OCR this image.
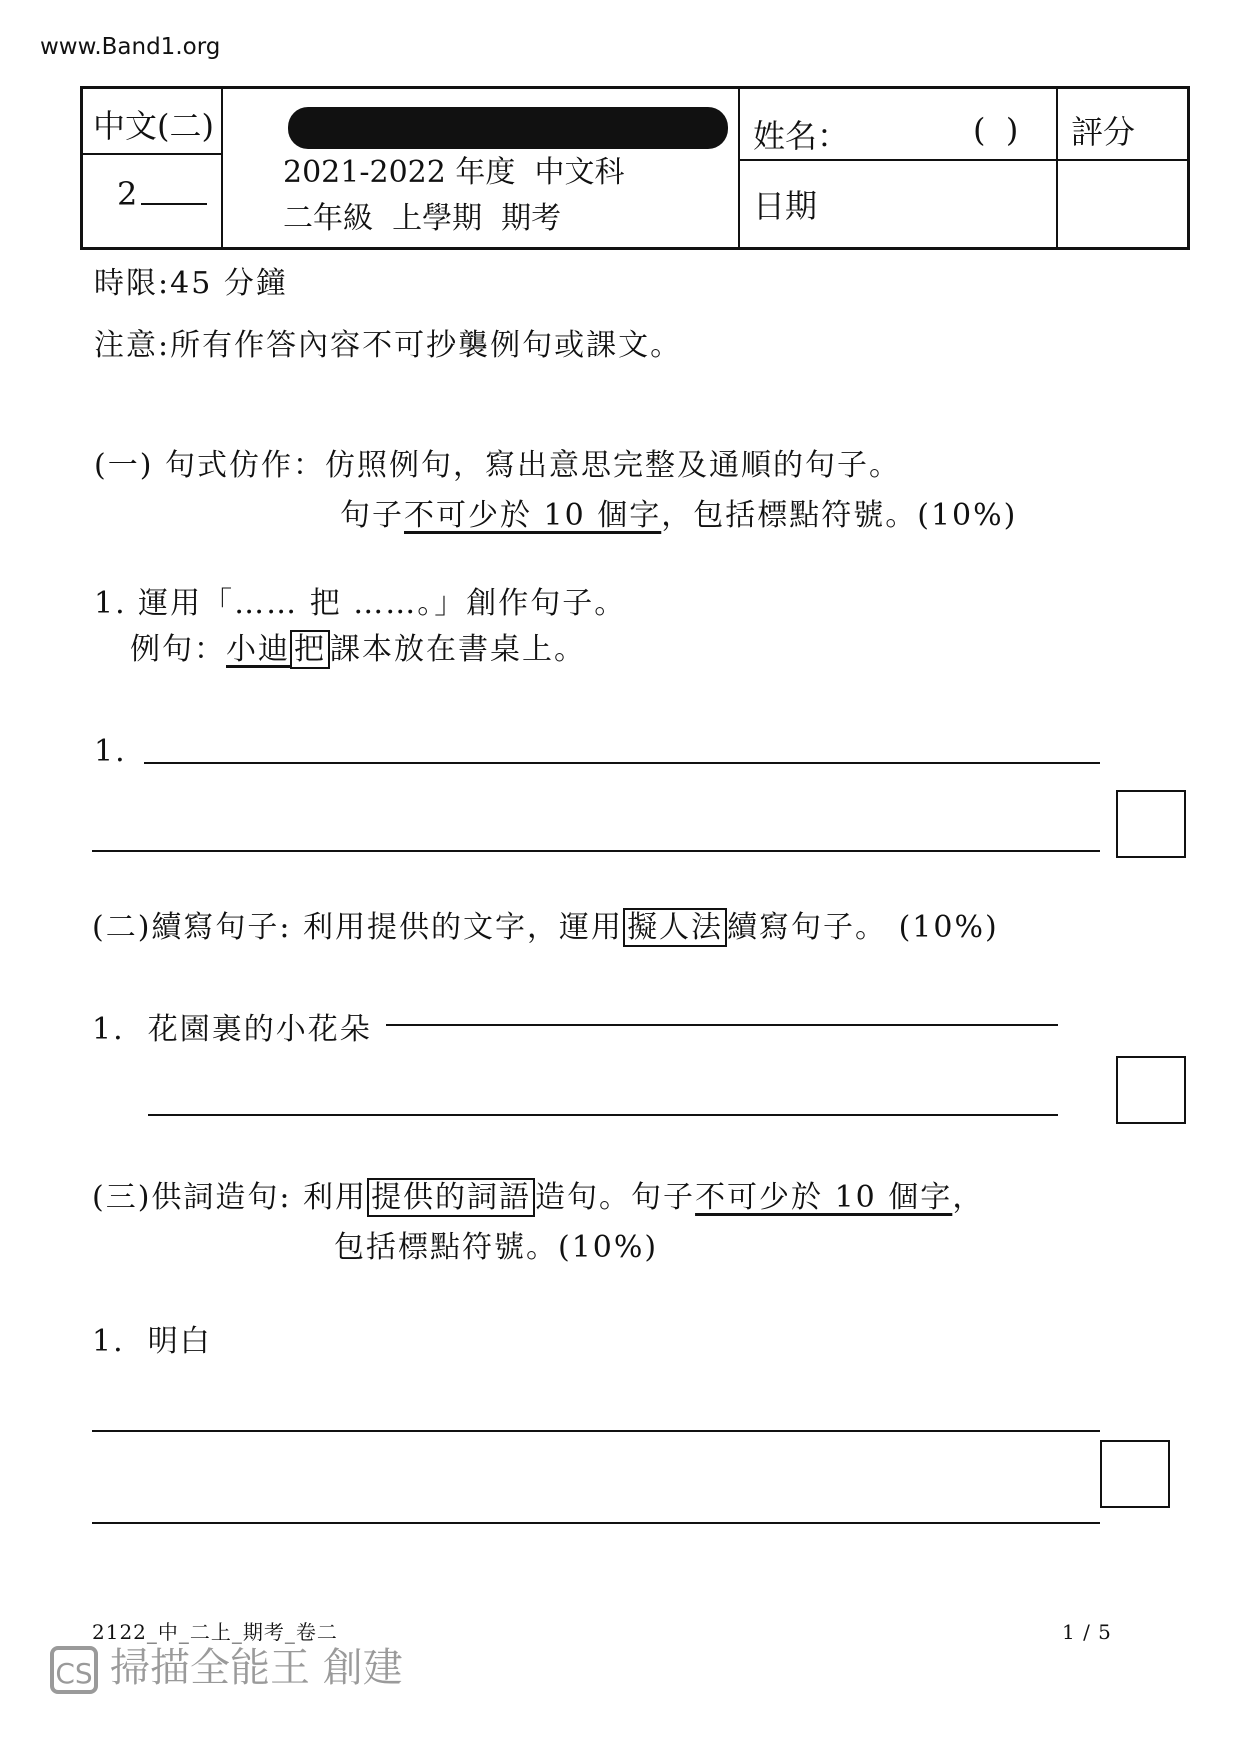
www.Band1.org
中文(二)
2
2021-2022 年度  中文科
二年級  上學期  期考
姓名：	(  )
日期
評分
時限:45 分鐘
注意:所有作答內容不可抄襲例句或課文。
(一) 句式仿作：仿照例句，寫出意思完整及通順的句子。
句子不可少於 10 個字，包括標點符號。(10%)
1. 運用「…… 把 ……。」創作句子。
例句：小迪 把 課本放在書桌上。
1.
(二)續寫句子: 利用提供的文字，運用 擬人法 續寫句子。 (10%)
1.  花園裏的小花朵
(三)供詞造句: 利用 提供的詞語 造句。句子不可少於 10 個字，
包括標點符號。(10%)
1.  明白
2122_中_二上_期考_卷二	1 / 5
CS 掃描全能王 創建
